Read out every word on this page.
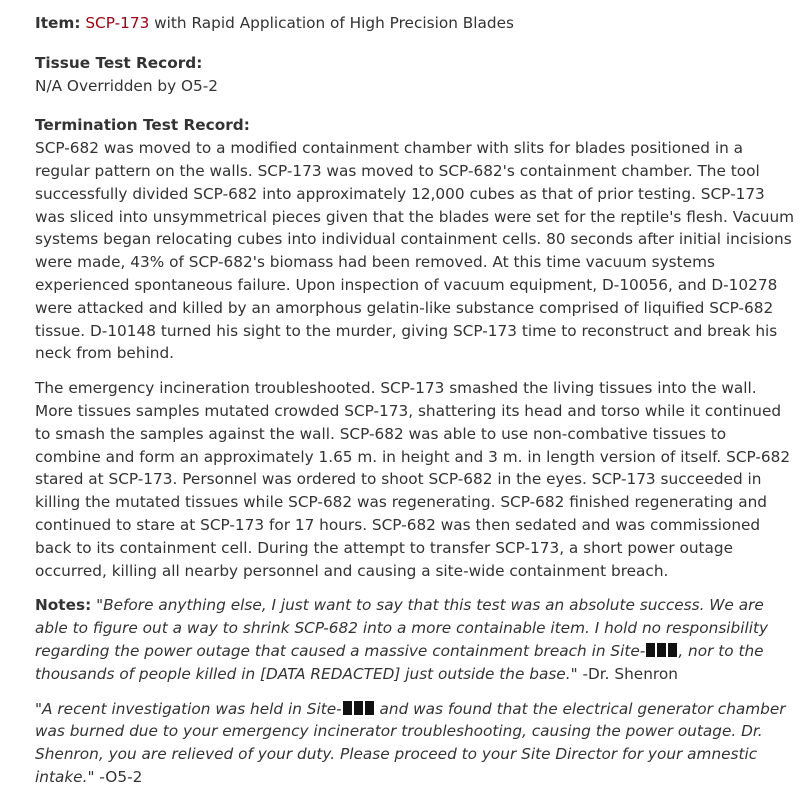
Item: SCP-173 with Rapid Application of High Precision Blades

Tissue Test Record:

N/A Overridden by O5-2

Termination Test Record:

SCP-682 was moved to a modified containment chamber with slits for blades positioned in a regular pattern on the walls. SCP-173 was moved to SCP-682's containment chamber. The tool successfully divided SCP-682 into approximately 12,000 cubes as that of prior testing. SCP-173 was sliced into unsymmetrical pieces given that the blades were set for the reptile's flesh. Vacuum systems began relocating cubes into individual containment cells. 80 seconds after initial incisions were made, 43% of SCP-682's biomass had been removed. At this time vacuum systems experienced spontaneous failure. Upon inspection of vacuum equipment, D-10056, and D-10278 were attacked and killed by an amorphous gelatin-like substance comprised of liquified SCP-682 tissue. D-10148 turned his sight to the murder, giving SCP-173 time to reconstruct and break his neck from behind.

The emergency incineration troubleshooted. SCP-173 smashed the living tissues into the wall. More tissues samples mutated crowded SCP-173, shattering its head and torso while it continued to smash the samples against the wall. SCP-682 was able to use non-combative tissues to combine and form an approximately 1.65 m. in height and 3 m. in length version of itself. SCP-682 stared at SCP-173. Personnel was ordered to shoot SCP-682 in the eyes. SCP-173 succeeded in killing the mutated tissues while SCP-682 was regenerating. SCP-682 finished regenerating and continued to stare at SCP-173 for 17 hours. SCP-682 was then sedated and was commissioned back to its containment cell. During the attempt to transfer SCP-173, a short power outage occurred, killing all nearby personnel and causing a site-wide containment breach.

Notes: "Before anything else, I just want to say that this test was an absolute success. We are able to figure out a way to shrink SCP-682 into a more containable item. I hold no responsibility regarding the power outage that caused a massive containment breach in Site- , nor to the thousands of people killed in [DATA REDACTED] just outside the base." -Dr. Shenron

"A recent investigation was held in Site- and was found that the electrical generator chamber was burned due to your emergency incinerator troubleshooting, causing the power outage. Dr. Shenron, you are relieved of your duty. Please proceed to your Site Director for your amnestic intake." -O5-2
